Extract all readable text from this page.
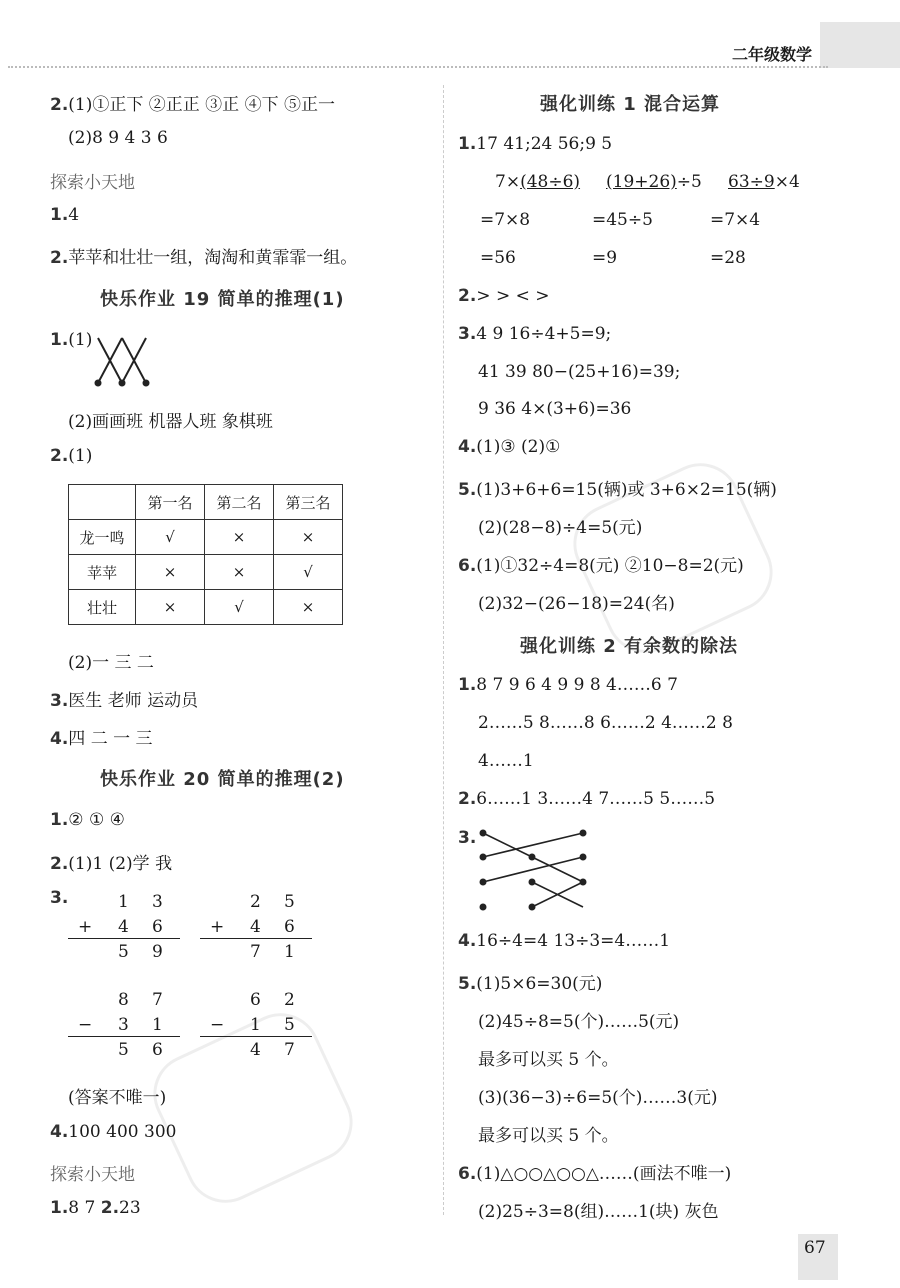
二年级数学
2.(1)①正下 ②正正 ③正 ④下 ⑤正一
(2)8 9 4 3 6
探索小天地
1.4
2.苹苹和壮壮一组，淘淘和黄霏霏一组。
快乐作业 19 简单的推理(1)
1.(1)
(2)画画班 机器人班 象棋班
2.(1)
	第一名	第二名	第三名
龙一鸣	√	×	×
苹苹	×	×	√
壮壮	×	√	×
(2)一 三 二
3.医生 老师 运动员
4.四 二 一 三
快乐作业 20 简单的推理(2)
1.② ① ④
2.(1)1 (2)学 我
3.	1 3
+ 4 6
5 9
2 5
+ 4 6
7 1
8 7
− 3 1
5 6
6 2
− 1 5
4 7
(答案不唯一)
4.100 400 300
探索小天地
1.8 7 2.23
强化训练 1 混合运算
1.17 41;24 56;9 5
7×(48÷6) (19+26)÷5 63÷9×4
=7×8	=45÷5	=7×4
=56	=9	=28
2.> > < >
3.4 9 16÷4+5=9;
41 39 80−(25+16)=39;
9 36 4×(3+6)=36
4.(1)③ (2)①
5.(1)3+6+6=15(辆)或 3+6×2=15(辆)
(2)(28−8)÷4=5(元)
6.(1)①32÷4=8(元) ②10−8=2(元)
(2)32−(26−18)=24(名)
强化训练 2 有余数的除法
1.8 7 9 6 4 9 9 8 4……6 7
2……5 8……8 6……2 4……2 8
4……1
2.6……1 3……4 7……5 5……5
3.
4.16÷4=4 13÷3=4……1
5.(1)5×6=30(元)
(2)45÷8=5(个)……5(元)
最多可以买 5 个。
(3)(36−3)÷6=5(个)……3(元)
最多可以买 5 个。
6.(1)△○○△○○△……(画法不唯一)
(2)25÷3=8(组)……1(块) 灰色
67
